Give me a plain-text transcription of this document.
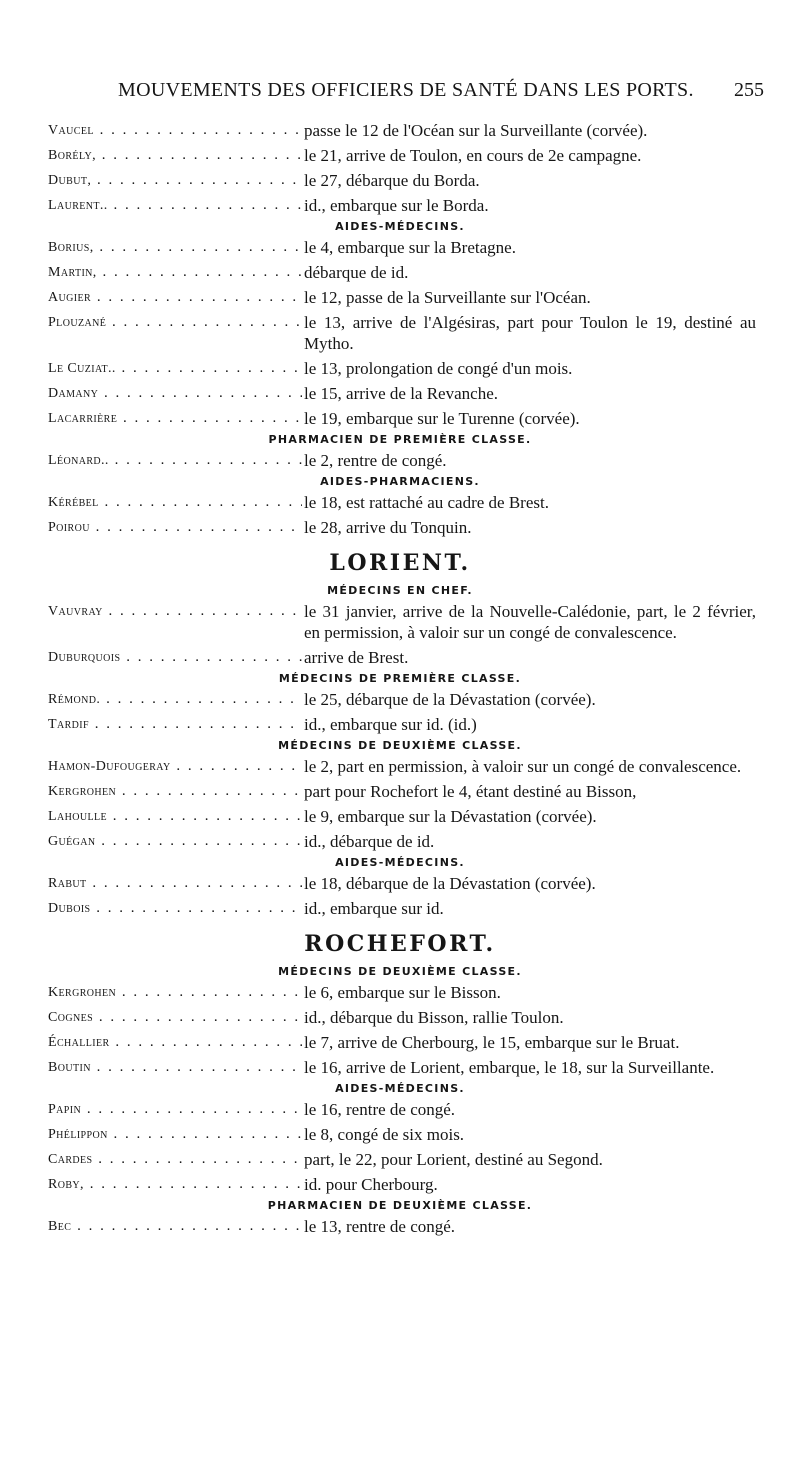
MOUVEMENTS DES OFFICIERS DE SANTÉ DANS LES PORTS. 255
Vaucel . . .	passe le 12 de l'Océan sur la Surveillante (corvée).
Borély, . . .	le 21, arrive de Toulon, en cours de 2e campagne.
Dubut, . . .	le 27, débarque du Borda.
Laurent.. . . .	id., embarque sur le Borda.
AIDES-MÉDECINS.
Borius, . . .	le 4, embarque sur la Bretagne.
Martin, . . .	débarque de id.
Augier . . .	le 12, passe de la Surveillante sur l'Océan.
Plouzané . . .	le 13, arrive de l'Algésiras, part pour Toulon le 19, destiné au Mytho.
Le Cuziat.. . . .	le 13, prolongation de congé d'un mois.
Damany . . .	le 15, arrive de la Revanche.
Lacarrière . . .	le 19, embarque sur le Turenne (corvée).
PHARMACIEN DE PREMIÈRE CLASSE.
Léonard.. . . .	le 2, rentre de congé.
AIDES-PHARMACIENS.
Kérébel . . .	le 18, est rattaché au cadre de Brest.
Poirou . . .	le 28, arrive du Tonquin.
LORIENT.
MÉDECINS EN CHEF.
Vauvray . . .	le 31 janvier, arrive de la Nouvelle-Calédonie, part, le 2 février, en permission, à valoir sur un congé de convalescence.
Duburquois . . .	arrive de Brest.
MÉDECINS DE PREMIÈRE CLASSE.
Rémond. . . .	le 25, débarque de la Dévastation (corvée).
Tardif . . .	id., embarque sur id. (id.)
MÉDECINS DE DEUXIÈME CLASSE.
Hamon-Dufougeray . . .	le 2, part en permission, à valoir sur un congé de convalescence.
Kergrohen . . .	part pour Rochefort le 4, étant destiné au Bisson,
Lahoulle . . .	le 9, embarque sur la Dévastation (corvée).
Guégan . . .	id., débarque de id.
AIDES-MÉDECINS.
Rabut . . .	le 18, débarque de la Dévastation (corvée).
Dubois . . .	id., embarque sur id.
ROCHEFORT.
MÉDECINS DE DEUXIÈME CLASSE.
Kergrohen . . .	le 6, embarque sur le Bisson.
Cognes . . .	id., débarque du Bisson, rallie Toulon.
Échallier . . .	le 7, arrive de Cherbourg, le 15, embarque sur le Bruat.
Boutin . . .	le 16, arrive de Lorient, embarque, le 18, sur la Surveillante.
AIDES-MÉDECINS.
Papin . . .	le 16, rentre de congé.
Phélippon . . .	le 8, congé de six mois.
Cardes . . .	part, le 22, pour Lorient, destiné au Segond.
Roby, . . .	id. pour Cherbourg.
PHARMACIEN DE DEUXIÈME CLASSE.
Bec . . .	le 13, rentre de congé.
